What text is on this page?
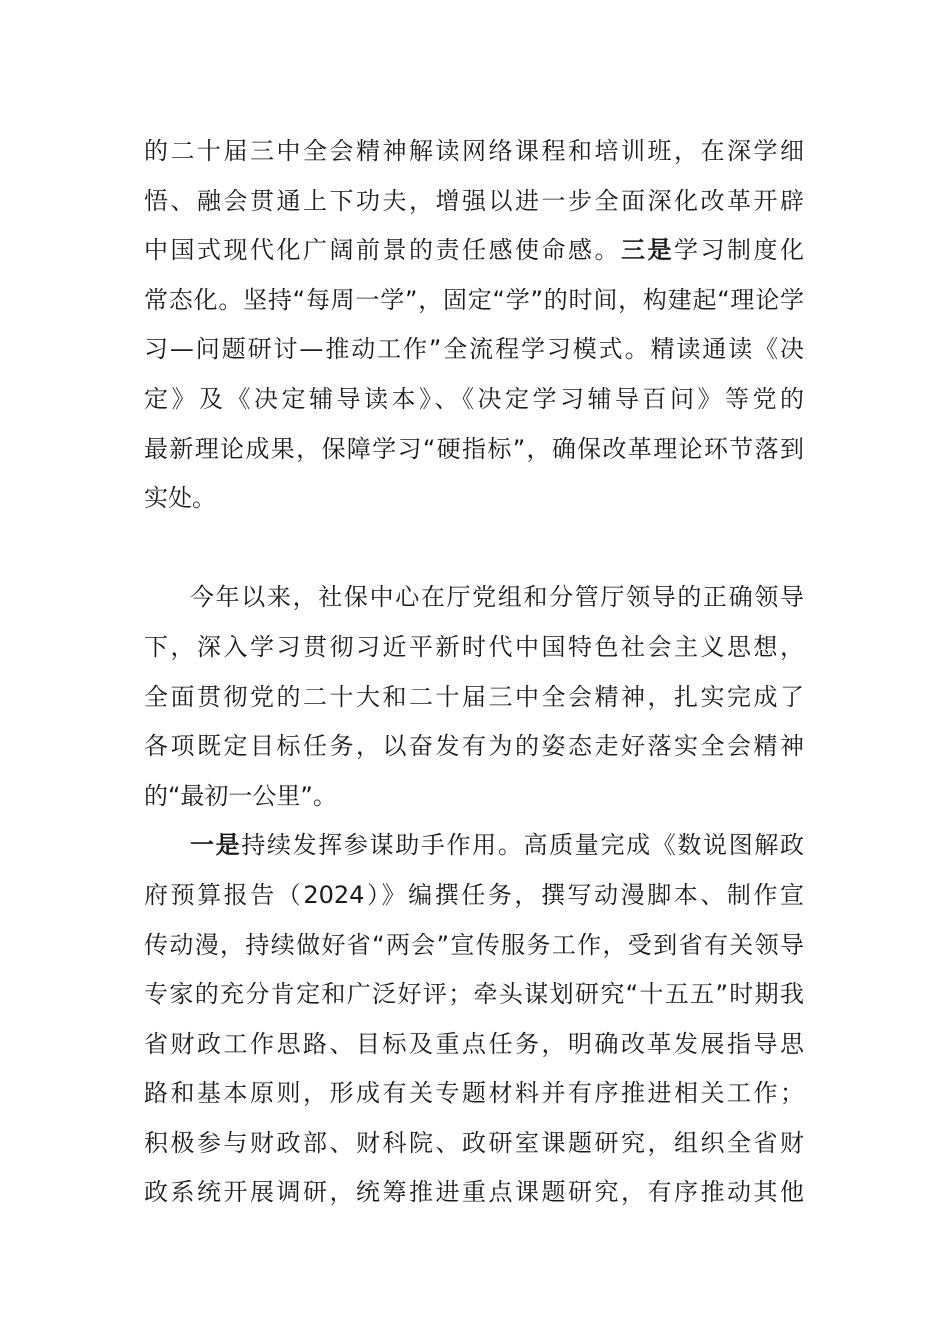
的二十届三中全会精神解读网络课程和培训班，在深学细
悟、融会贯通上下功夫，增强以进一步全面深化改革开辟
中国式现代化广阔前景的责任感使命感。三是学习制度化
常态化。坚持“每周一学”，固定“学”的时间，构建起“理论学
习—问题研讨—推动工作”全流程学习模式。精读通读《决
定》及《决定辅导读本》、《决定学习辅导百问》等党的
最新理论成果，保障学习“硬指标”，确保改革理论环节落到
实处。
今年以来，社保中心在厅党组和分管厅领导的正确领导
下，深入学习贯彻习近平新时代中国特色社会主义思想，
全面贯彻党的二十大和二十届三中全会精神，扎实完成了
各项既定目标任务，以奋发有为的姿态走好落实全会精神
的“最初一公里”。
一是持续发挥参谋助手作用。高质量完成《数说图解政
府预算报告（2024）》编撰任务，撰写动漫脚本、制作宣
传动漫，持续做好省“两会”宣传服务工作，受到省有关领导
专家的充分肯定和广泛好评；牵头谋划研究“十五五”时期我
省财政工作思路、目标及重点任务，明确改革发展指导思
路和基本原则，形成有关专题材料并有序推进相关工作；
积极参与财政部、财科院、政研室课题研究，组织全省财
政系统开展调研，统筹推进重点课题研究，有序推动其他
